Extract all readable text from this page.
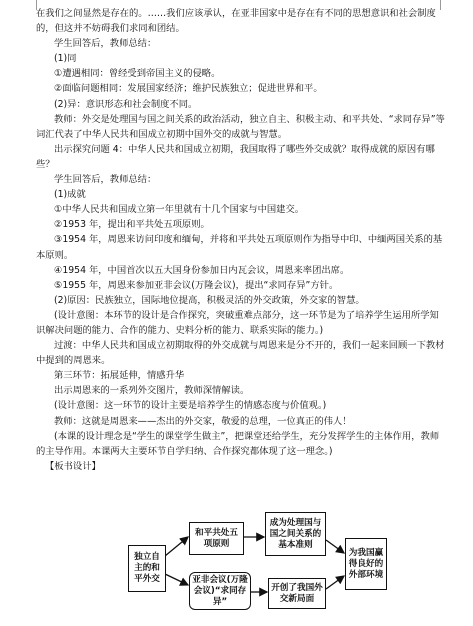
在我们之间显然是存在的。……我们应该承认，在亚非国家中是存在有不同的思想意识和社会制度的，但这并不妨碍我们求同和团结。

学生回答后，教师总结：

(1)同

①遭遇相同：曾经受到帝国主义的侵略。

②面临问题相同：发展国家经济；维护民族独立；促进世界和平。

(2)异：意识形态和社会制度不同。

教师：外交是处理国与国之间关系的政治活动，独立自主、积极主动、和平共处、“求同存异”等词汇代表了中华人民共和国成立初期中国外交的成就与智慧。

出示探究问题 4：中华人民共和国成立初期，我国取得了哪些外交成就？取得成就的原因有哪些？

学生回答后，教师总结：

(1)成就

①中华人民共和国成立第一年里就有十几个国家与中国建交。

②1953 年，提出和平共处五项原则。

③1954 年，周恩来访问印度和缅甸，并将和平共处五项原则作为指导中印、中缅两国关系的基本原则。

④1954 年，中国首次以五大国身份参加日内瓦会议，周恩来率团出席。

⑤1955 年，周恩来参加亚非会议(万隆会议)，提出“求同存异”方针。

(2)原因：民族独立，国际地位提高，积极灵活的外交政策，外交家的智慧。

(设计意图：本环节的设计是合作探究，突破重难点部分，这一环节是为了培养学生运用所学知识解决问题的能力、合作的能力、史料分析的能力、联系实际的能力。)

过渡：中华人民共和国成立初期取得的外交成就与周恩来是分不开的，我们一起来回顾一下教材中提到的周恩来。

第三环节：拓展延伸，情感升华

出示周恩来的一系列外交图片，教师深情解读。

(设计意图：这一环节的设计主要是培养学生的情感态度与价值观。)

教师：这就是周恩来——杰出的外交家，敬爱的总理，一位真正的伟人！

(本课的设计理念是“学生的课堂学生做主”，把课堂还给学生，充分发挥学生的主体作用，教师的主导作用。本课两大主要环节自学归纳、合作探究都体现了这一理念。)

【板书设计】

独立自主的和平外交
和平共处五项原则
亚非会议(万隆会议)“求同存异”
成为处理国与国之间关系的基本准则
开创了我国外交新局面
为我国赢得良好的外部环境
